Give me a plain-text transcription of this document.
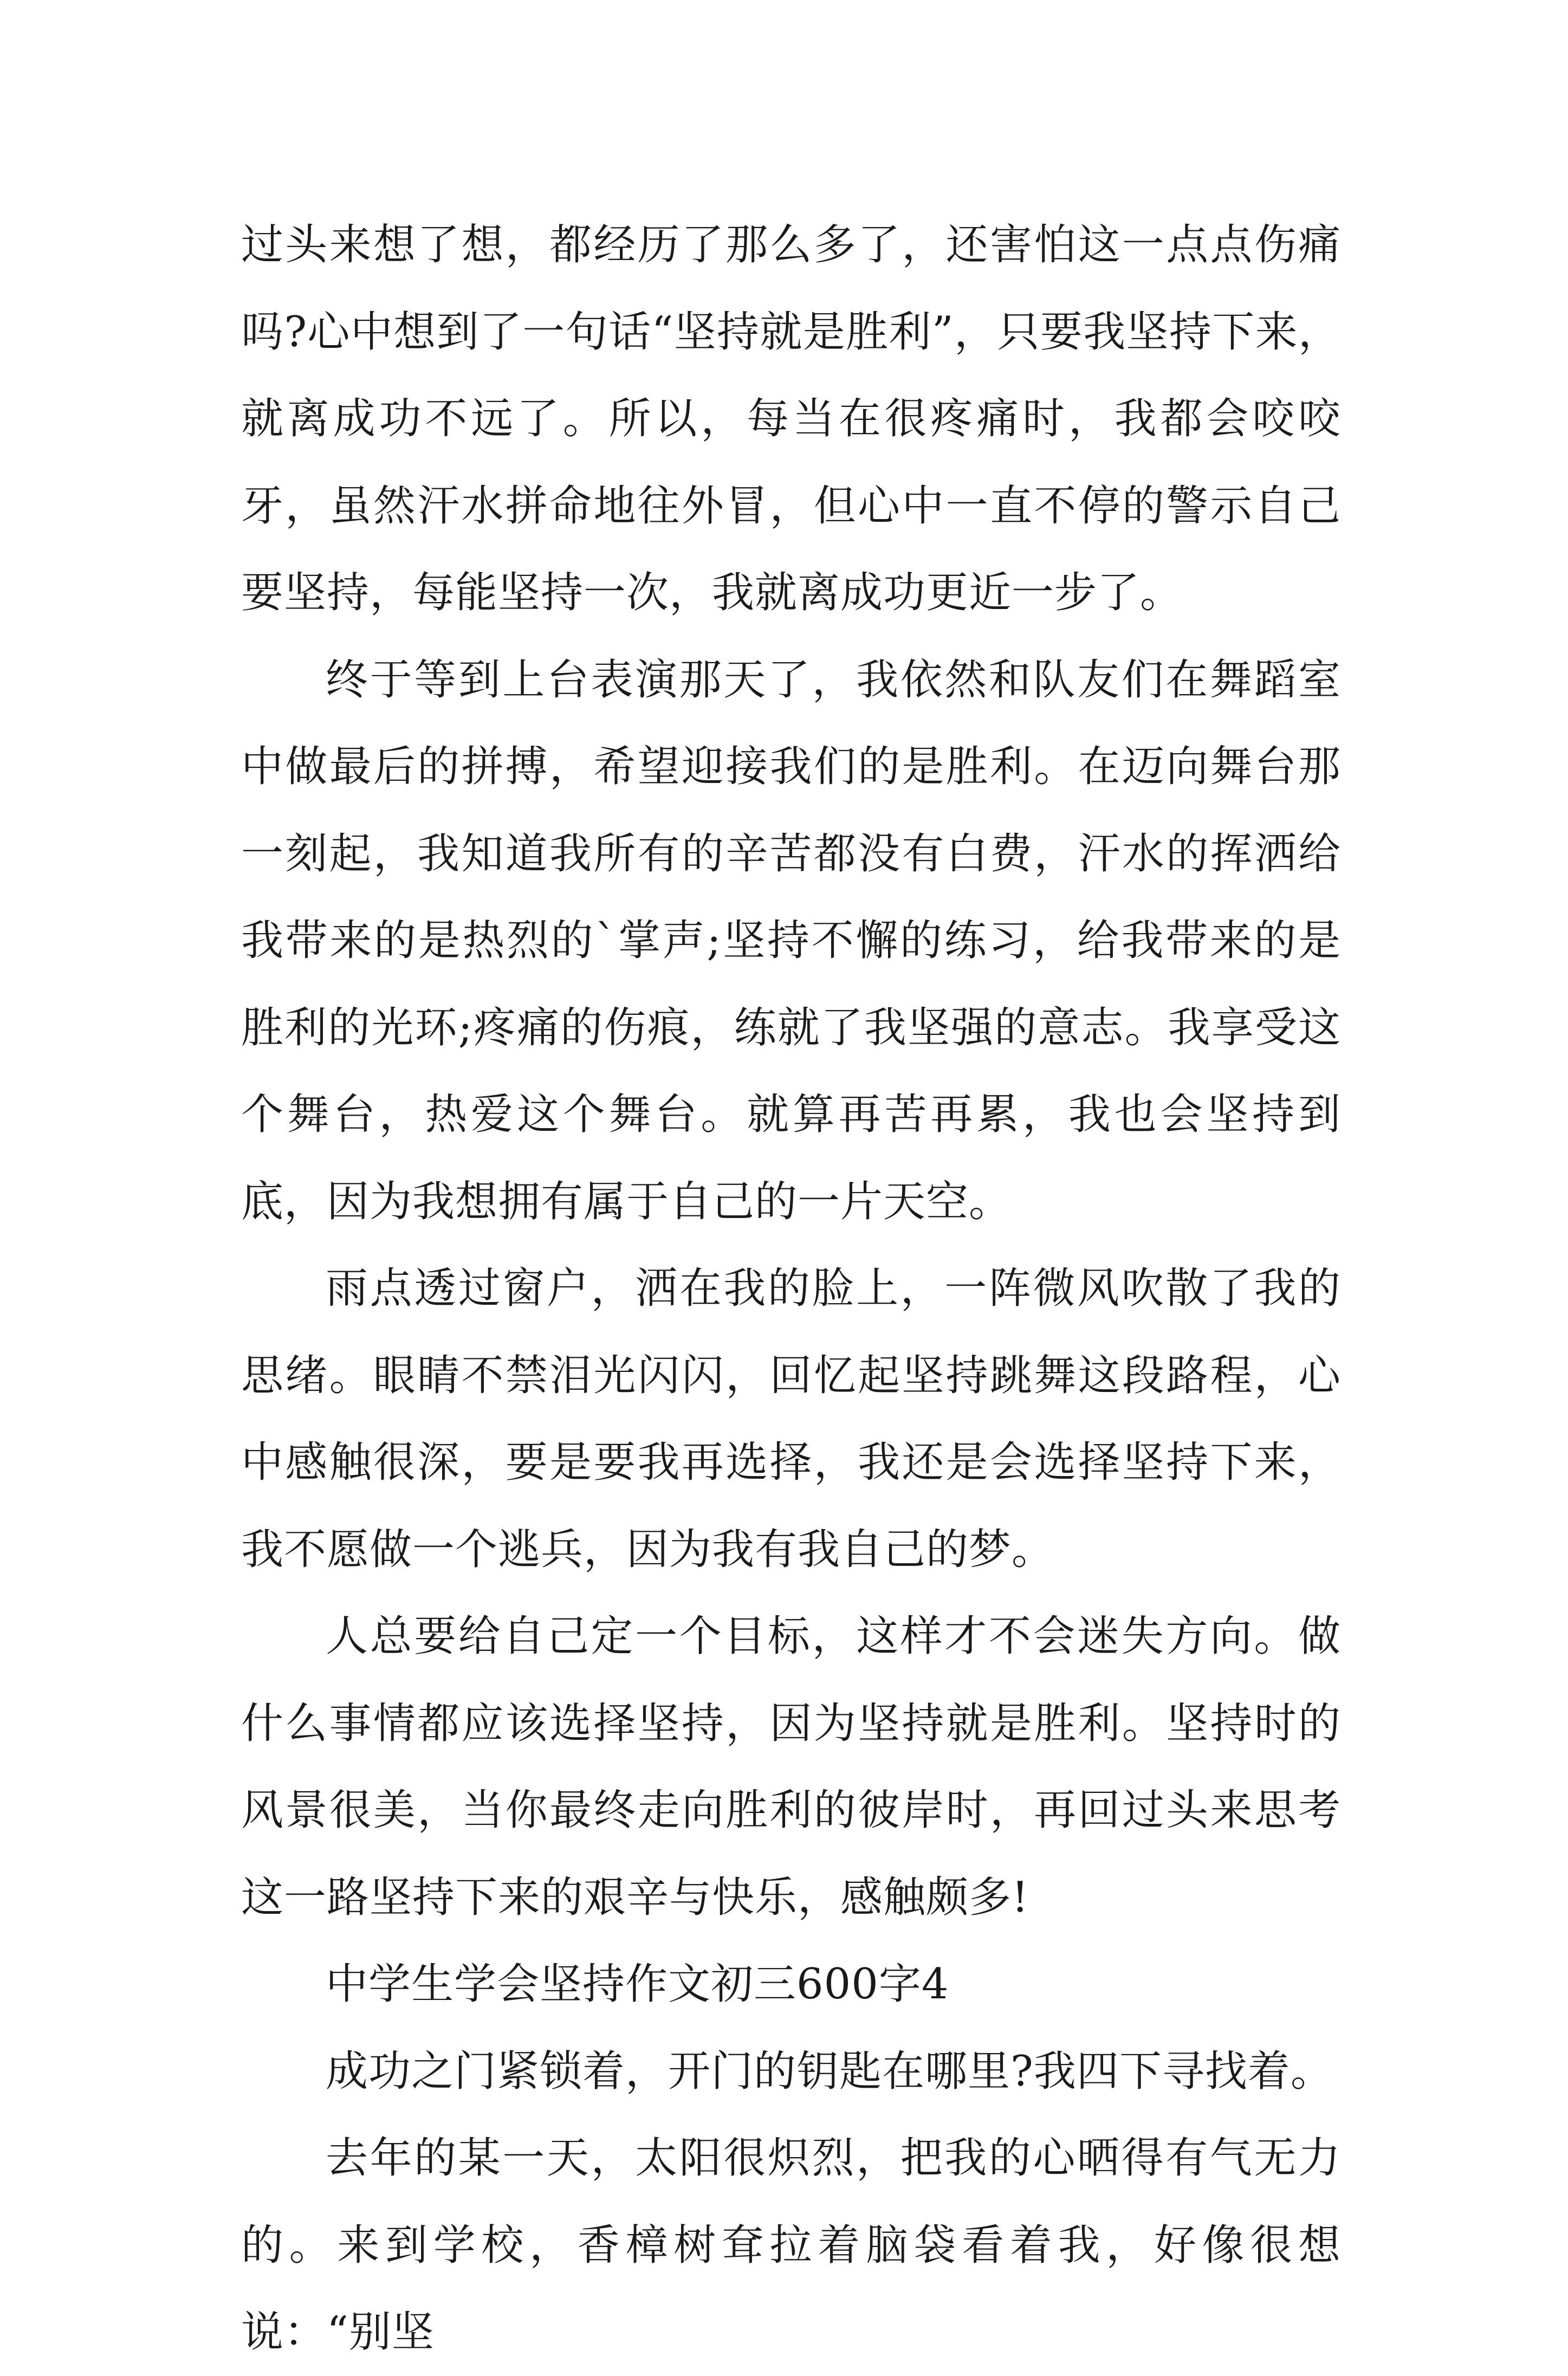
过头来想了想，都经历了那么多了，还害怕这一点点伤痛吗?心中想到了一句话“坚持就是胜利”，只要我坚持下来，就离成功不远了。所以，每当在很疼痛时，我都会咬咬牙，虽然汗水拼命地往外冒，但心中一直不停的警示自己要坚持，每能坚持一次，我就离成功更近一步了。

终于等到上台表演那天了，我依然和队友们在舞蹈室中做最后的拼搏，希望迎接我们的是胜利。在迈向舞台那一刻起，我知道我所有的辛苦都没有白费，汗水的挥洒给我带来的是热烈的`掌声;坚持不懈的练习，给我带来的是胜利的光环;疼痛的伤痕，练就了我坚强的意志。我享受这个舞台，热爱这个舞台。就算再苦再累，我也会坚持到底，因为我想拥有属于自己的一片天空。

雨点透过窗户，洒在我的脸上，一阵微风吹散了我的思绪。眼睛不禁泪光闪闪，回忆起坚持跳舞这段路程，心中感触很深，要是要我再选择，我还是会选择坚持下来，我不愿做一个逃兵，因为我有我自己的梦。

人总要给自己定一个目标，这样才不会迷失方向。做什么事情都应该选择坚持，因为坚持就是胜利。坚持时的风景很美，当你最终走向胜利的彼岸时，再回过头来思考这一路坚持下来的艰辛与快乐，感触颇多!

中学生学会坚持作文初三600字4

成功之门紧锁着，开门的钥匙在哪里?我四下寻找着。

去年的某一天，太阳很炽烈，把我的心晒得有气无力的。来到学校，香樟树耷拉着脑袋看着我，好像很想说：“别坚
